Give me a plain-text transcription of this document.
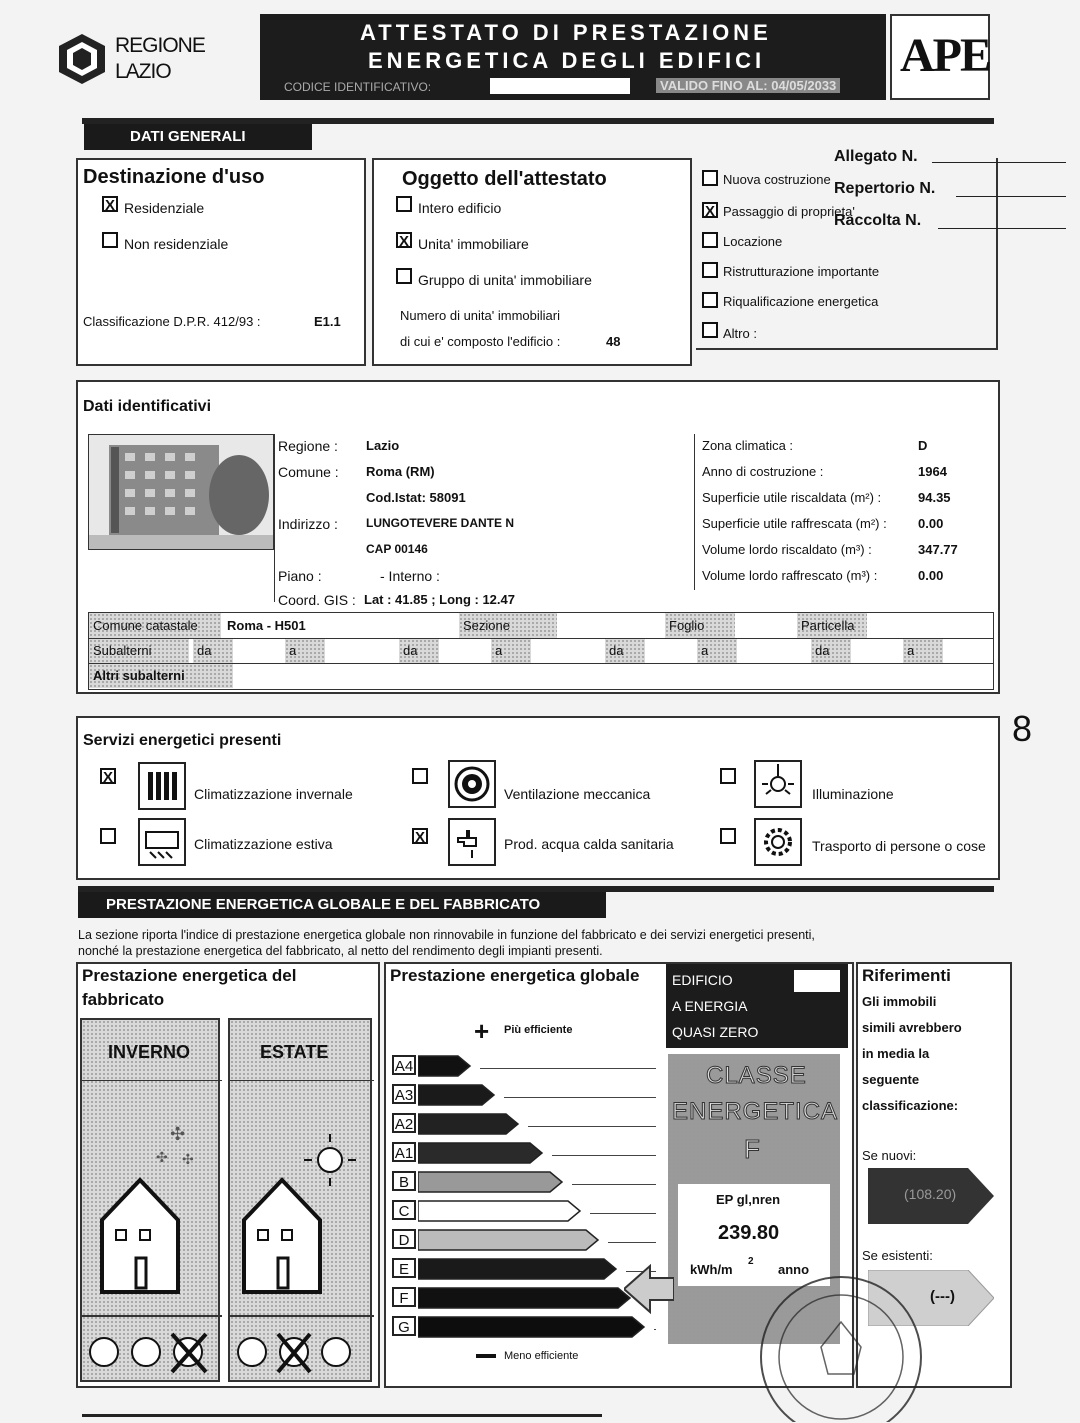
REGIONE
LAZIO
ATTESTATO DI PRESTAZIONE
ENERGETICA DEGLI EDIFICI
CODICE IDENTIFICATIVO:	VALIDO FINO AL: 04/05/2033
APE
DATI GENERALI
Destinazione d'uso
X Residenziale
Non residenziale
Classificazione D.P.R. 412/93 :	E1.1
Oggetto dell'attestato
Intero edificio
X Unita' immobiliare
Gruppo di unita' immobiliare
Numero di unita' immobiliari
di cui e' composto l'edificio :	48
Nuova costruzione
X Passaggio di proprieta'
Locazione
Ristrutturazione importante
Riqualificazione energetica
Altro :
Allegato N.
Repertorio N.
Raccolta N.
Dati identificativi
Regione : Lazio
Comune : Roma (RM)
Cod.Istat: 58091
Indirizzo : LUNGOTEVERE DANTE N
CAP 00146
Piano :	- Interno :
Coord. GIS : Lat : 41.85 ; Long : 12.47
Zona climatica :	D
Anno di costruzione :	1964
Superficie utile riscaldata (m²) :	94.35
Superficie utile raffrescata (m²) : 0.00
Volume lordo riscaldato (m³) :	347.77
Volume lordo raffrescato (m³) :	0.00
Comune catastale	Roma - H501	Sezione	Foglio	Particella
Subalterni	da	a	da	a	da	a	da	a
Altri subalterni
8
Servizi energetici presenti
X
Climatizzazione invernale	Ventilazione meccanica	Illuminazione
Climatizzazione estiva	X	Prod. acqua calda sanitaria	Trasporto di persone o cose
PRESTAZIONE ENERGETICA GLOBALE E DEL FABBRICATO
La sezione riporta l'indice di prestazione energetica globale non rinnovabile in funzione del fabbricato e dei servizi energetici presenti,
nonché la prestazione energetica del fabbricato, al netto del rendimento degli impianti presenti.
Prestazione energetica del
fabbricato
INVERNO
✣
✣ ✣
ESTATE
Prestazione energetica globale EDIFICIO
A ENERGIA
QUASI ZERO
+ Più efficiente
A4
A3
A2
A1
B
C
D
E
F
G
Meno efficiente
CLASSE
ENERGETICA
F
EP gl,nren
239.80
kWh/m
2
anno
Riferimenti
Gli immobili
simili avrebbero
in media la
seguente
classificazione:
Se nuovi:
(108.20)
Se esistenti:
(---)
